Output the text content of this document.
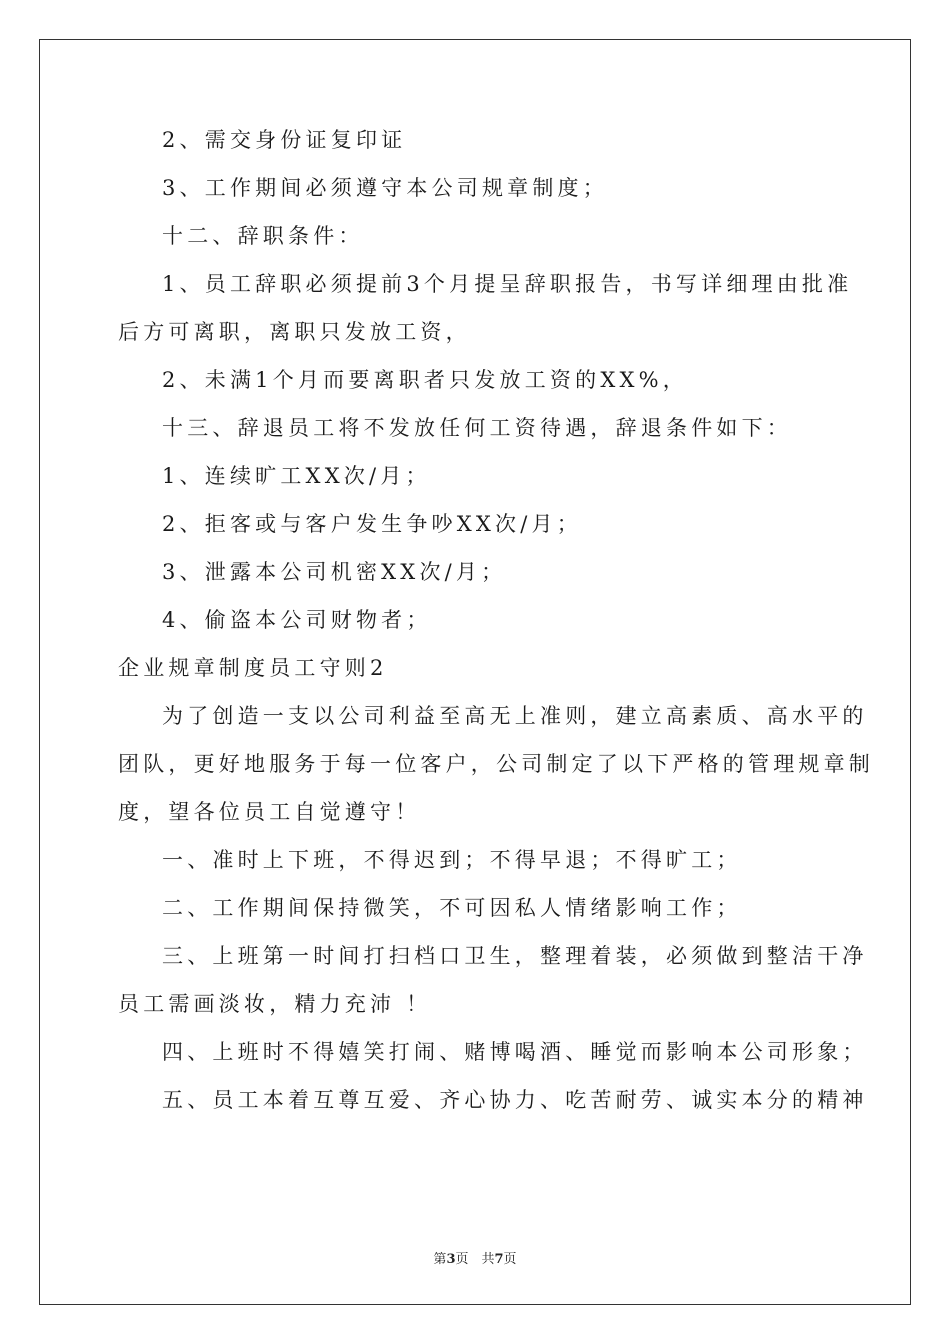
2、需交身份证复印证

3、工作期间必须遵守本公司规章制度；

十二、辞职条件：

1、员工辞职必须提前3个月提呈辞职报告，书写详细理由批准

后方可离职，离职只发放工资，

2、未满1个月而要离职者只发放工资的XX%，

十三、辞退员工将不发放任何工资待遇，辞退条件如下：

1、连续旷工XX次/月；

2、拒客或与客户发生争吵XX次/月；

3、泄露本公司机密XX次/月；

4、偷盗本公司财物者；

企业规章制度员工守则2

为了创造一支以公司利益至高无上准则，建立高素质、高水平的

团队，更好地服务于每一位客户，公司制定了以下严格的管理规章制

度，望各位员工自觉遵守！

一、准时上下班，不得迟到；不得早退；不得旷工；

二、工作期间保持微笑，不可因私人情绪影响工作；

三、上班第一时间打扫档口卫生，整理着装，必须做到整洁干净

员工需画淡妆，精力充沛 ！

四、上班时不得嬉笑打闹、赌博喝酒、睡觉而影响本公司形象；

五、员工本着互尊互爱、齐心协力、吃苦耐劳、诚实本分的精神

第3页　共7页
